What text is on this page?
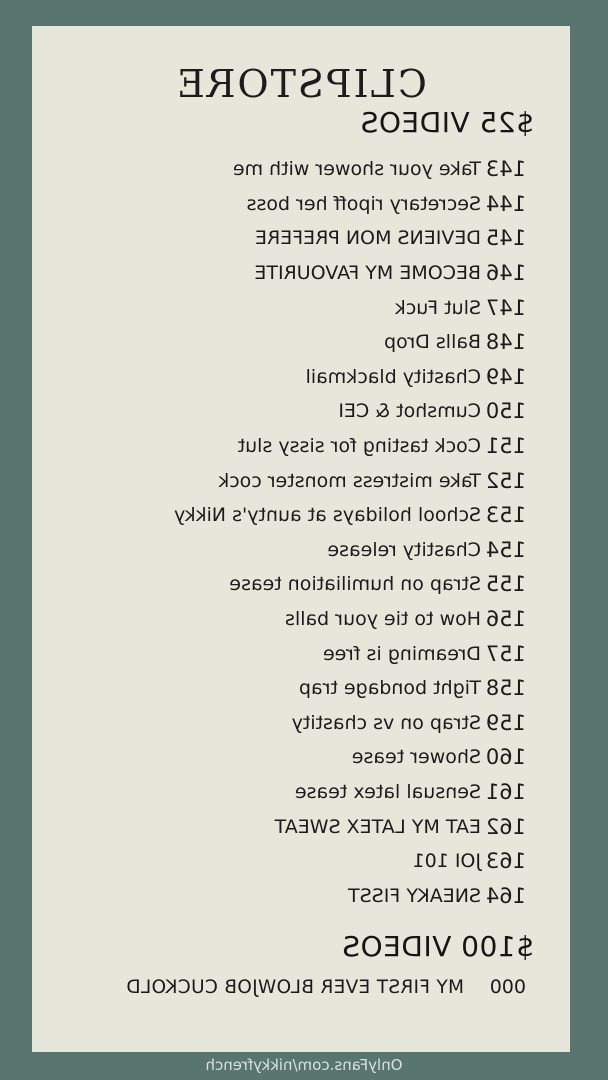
CLIPSTORE
$25 VIDEOS
143
Take your shower with me
144
Secretary ripoff her boss
145
DEVIENS MON PREFERE
146
BECOME MY FAVOURITE
147
Slut Fuck
148
Balls Drop
149
Chastity blackmail
150
Cumshot & CEI
151
Cock tasting for sissy slut
152
Take mistress monster cock
153
School holidays at aunty's Nikky
154
Chastity release
155
Strap on humiliation tease
156
How to tie your balls
157
Dreaming is free
158
Tight bondage trap
159
Strap on vs chastity
160
Shower tease
161
Sensual latex tease
162
EAT MY LATEX SWEAT
163
JOI 101
164
SNEAKY FISST
$100 VIDEOS
000
MY FIRST EVER BLOWJOB CUCKOLD
OnlyFans.com/nikkyfrench
